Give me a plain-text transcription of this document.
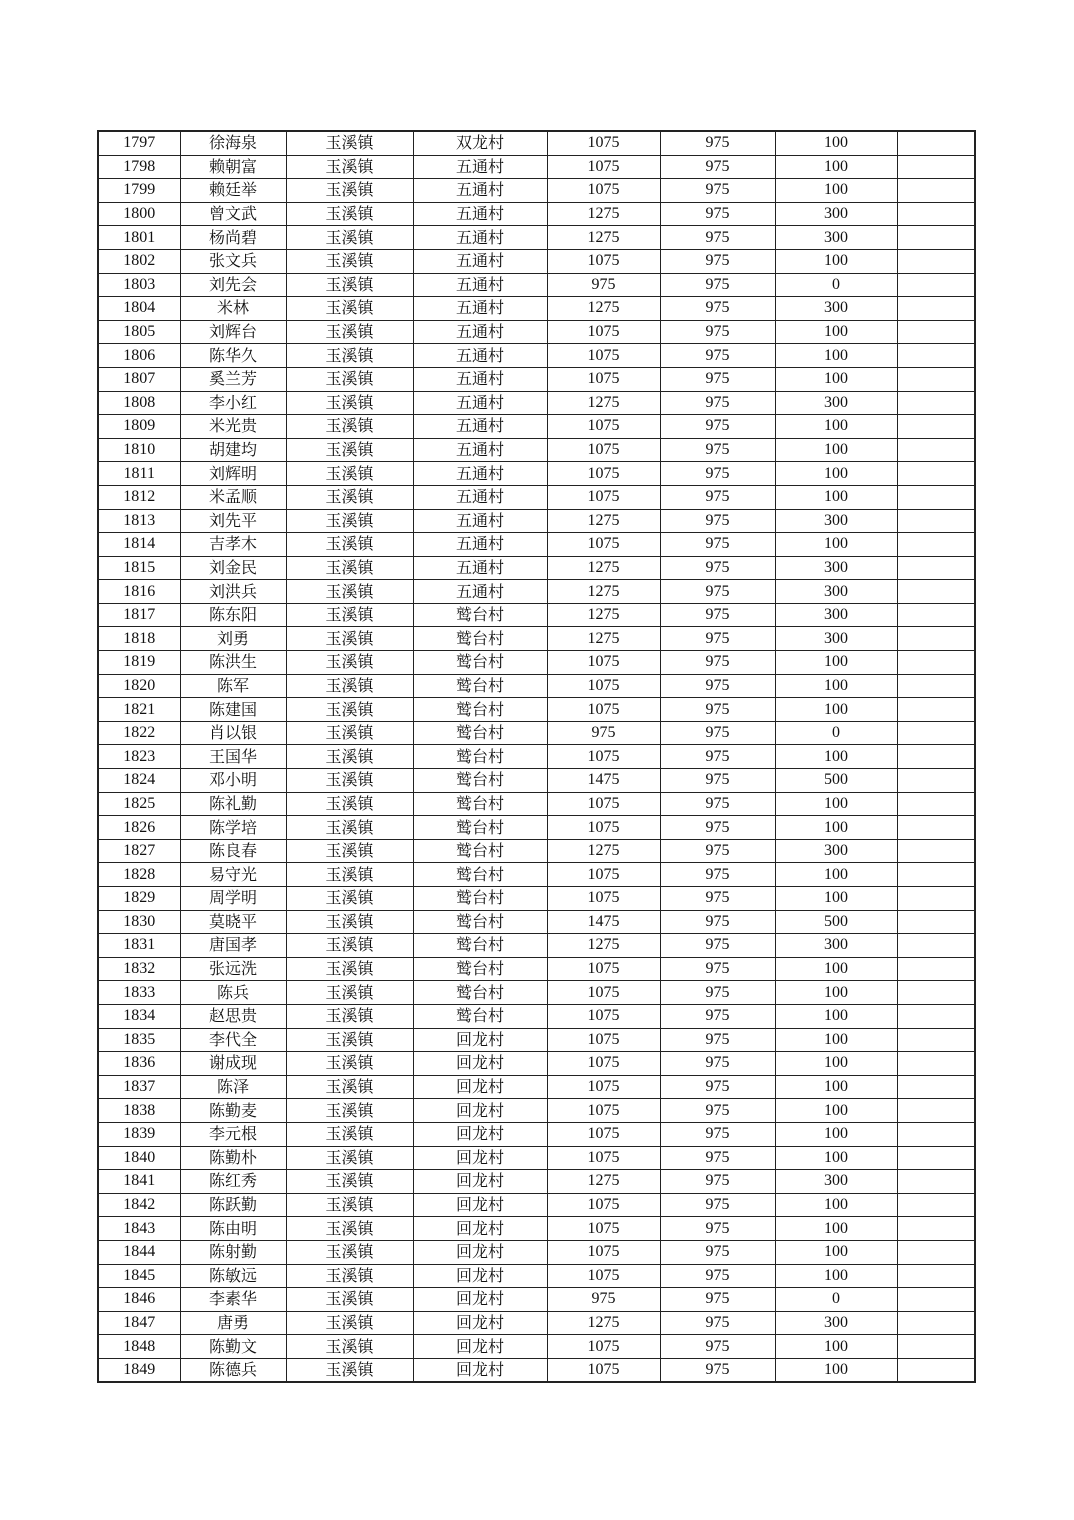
1797	徐海泉	玉溪镇	双龙村	1075	975	100	
1798	赖朝富	玉溪镇	五通村	1075	975	100	
1799	赖廷举	玉溪镇	五通村	1075	975	100	
1800	曾文武	玉溪镇	五通村	1275	975	300	
1801	杨尚碧	玉溪镇	五通村	1275	975	300	
1802	张文兵	玉溪镇	五通村	1075	975	100	
1803	刘先会	玉溪镇	五通村	975	975	0	
1804	米林	玉溪镇	五通村	1275	975	300	
1805	刘辉台	玉溪镇	五通村	1075	975	100	
1806	陈华久	玉溪镇	五通村	1075	975	100	
1807	奚兰芳	玉溪镇	五通村	1075	975	100	
1808	李小红	玉溪镇	五通村	1275	975	300	
1809	米光贵	玉溪镇	五通村	1075	975	100	
1810	胡建均	玉溪镇	五通村	1075	975	100	
1811	刘辉明	玉溪镇	五通村	1075	975	100	
1812	米孟顺	玉溪镇	五通村	1075	975	100	
1813	刘先平	玉溪镇	五通村	1275	975	300	
1814	吉孝木	玉溪镇	五通村	1075	975	100	
1815	刘金民	玉溪镇	五通村	1275	975	300	
1816	刘洪兵	玉溪镇	五通村	1275	975	300	
1817	陈东阳	玉溪镇	鹫台村	1275	975	300	
1818	刘勇	玉溪镇	鹫台村	1275	975	300	
1819	陈洪生	玉溪镇	鹫台村	1075	975	100	
1820	陈军	玉溪镇	鹫台村	1075	975	100	
1821	陈建国	玉溪镇	鹫台村	1075	975	100	
1822	肖以银	玉溪镇	鹫台村	975	975	0	
1823	王国华	玉溪镇	鹫台村	1075	975	100	
1824	邓小明	玉溪镇	鹫台村	1475	975	500	
1825	陈礼勤	玉溪镇	鹫台村	1075	975	100	
1826	陈学培	玉溪镇	鹫台村	1075	975	100	
1827	陈良春	玉溪镇	鹫台村	1275	975	300	
1828	易守光	玉溪镇	鹫台村	1075	975	100	
1829	周学明	玉溪镇	鹫台村	1075	975	100	
1830	莫晓平	玉溪镇	鹫台村	1475	975	500	
1831	唐国孝	玉溪镇	鹫台村	1275	975	300	
1832	张远洗	玉溪镇	鹫台村	1075	975	100	
1833	陈兵	玉溪镇	鹫台村	1075	975	100	
1834	赵思贵	玉溪镇	鹫台村	1075	975	100	
1835	李代全	玉溪镇	回龙村	1075	975	100	
1836	谢成现	玉溪镇	回龙村	1075	975	100	
1837	陈泽	玉溪镇	回龙村	1075	975	100	
1838	陈勤麦	玉溪镇	回龙村	1075	975	100	
1839	李元根	玉溪镇	回龙村	1075	975	100	
1840	陈勤朴	玉溪镇	回龙村	1075	975	100	
1841	陈红秀	玉溪镇	回龙村	1275	975	300	
1842	陈跃勤	玉溪镇	回龙村	1075	975	100	
1843	陈由明	玉溪镇	回龙村	1075	975	100	
1844	陈射勤	玉溪镇	回龙村	1075	975	100	
1845	陈敏远	玉溪镇	回龙村	1075	975	100	
1846	李素华	玉溪镇	回龙村	975	975	0	
1847	唐勇	玉溪镇	回龙村	1275	975	300	
1848	陈勤文	玉溪镇	回龙村	1075	975	100	
1849	陈德兵	玉溪镇	回龙村	1075	975	100	
